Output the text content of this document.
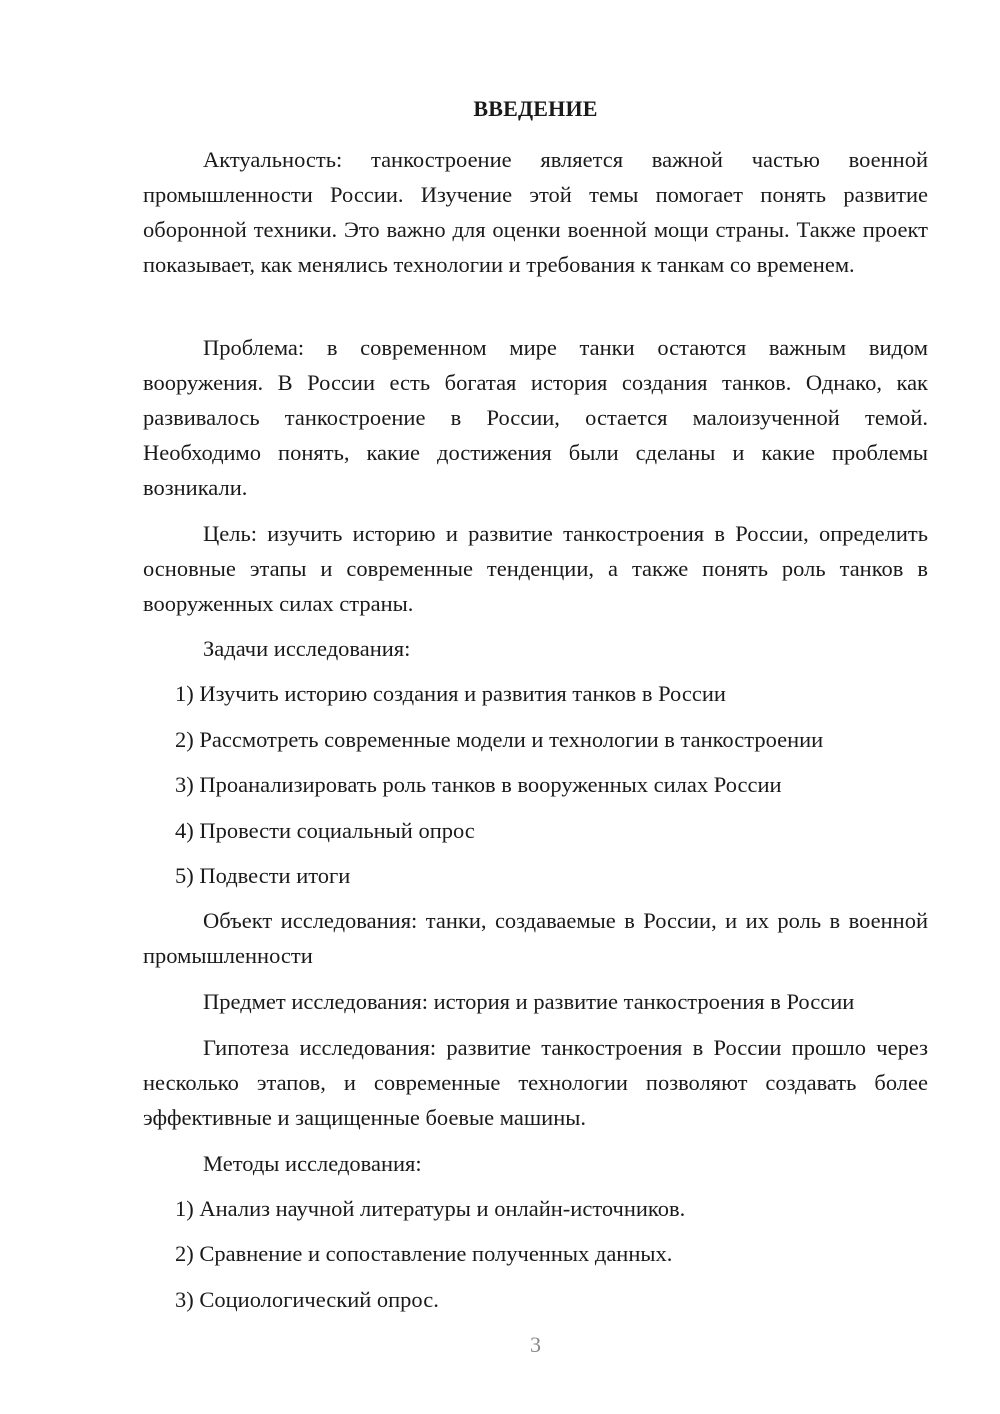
ВВЕДЕНИЕ

Актуальность: танкостроение является важной частью военной промышленности России. Изучение этой темы помогает понять развитие оборонной техники. Это важно для оценки военной мощи страны. Также проект показывает, как менялись технологии и требования к танкам со временем.

Проблема: в современном мире танки остаются важным видом вооружения. В России есть богатая история создания танков. Однако, как развивалось танкостроение в России, остается малоизученной темой. Необходимо понять, какие достижения были сделаны и какие проблемы возникали.

Цель: изучить историю и развитие танкостроения в России, определить основные этапы и современные тенденции, а также понять роль танков в вооруженных силах страны.

Задачи исследования:

1) Изучить историю создания и развития танков в России
2) Рассмотреть современные модели и технологии в танкостроении
3) Проанализировать роль танков в вооруженных силах России
4) Провести социальный опрос
5) Подвести итоги

Объект исследования: танки, создаваемые в России, и их роль в военной промышленности

Предмет исследования: история и развитие танкостроения в России

Гипотеза исследования: развитие танкостроения в России прошло через несколько этапов, и современные технологии позволяют создавать более эффективные и защищенные боевые машины.

Методы исследования:

1) Анализ научной литературы и онлайн-источников.
2) Сравнение и сопоставление полученных данных.
3) Социологический опрос.
3
